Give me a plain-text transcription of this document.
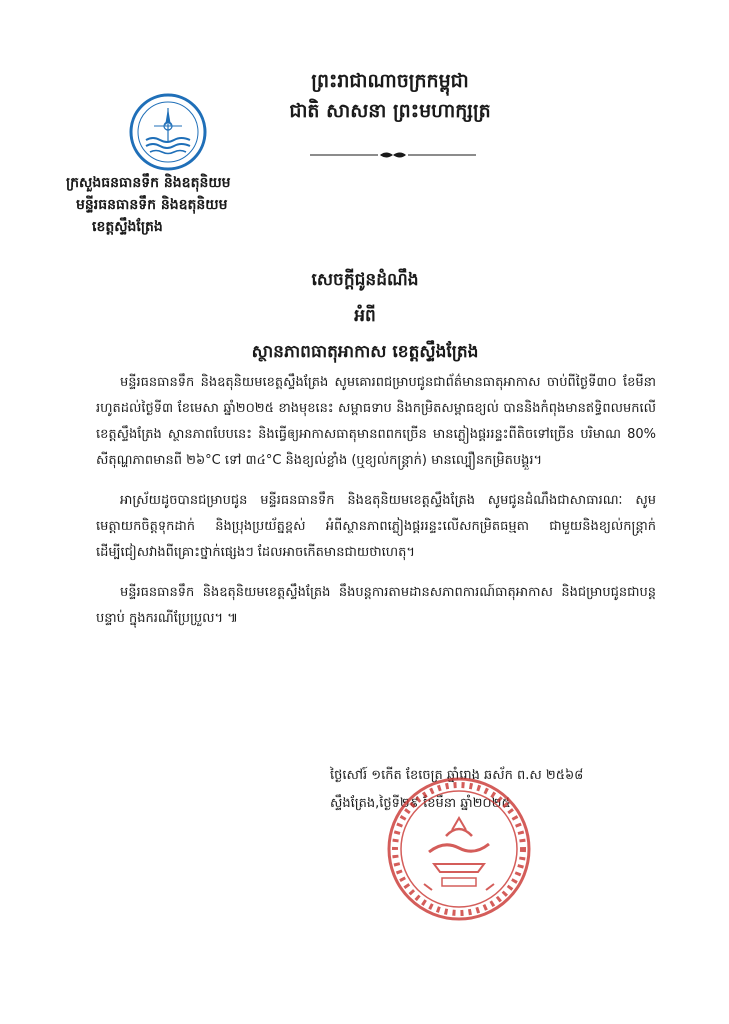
ព្រះរាជាណាចក្រកម្ពុជា
ជាតិ សាសនា ព្រះមហាក្សត្រ
ក្រសួងធនធានទឹក និងឧតុនិយម
មន្ទីរធនធានទឹក និងឧតុនិយម
ខេត្តស្ទឹងត្រែង
សេចក្ដីជូនដំណឹង
អំពី
ស្ថានភាពធាតុអាកាស ខេត្តស្ទឹងត្រែង

មន្ទីរធនធានទឹក និងឧតុនិយមខេត្តស្ទឹងត្រែង សូមគោរពជម្រាបជូនជាព័ត៌មានធាតុអាកាស ចាប់ពីថ្ងៃទី៣០ ខែមីនា រហូតដល់ថ្ងៃទី៣ ខែមេសា ឆ្នាំ២០២៥ ខាងមុខនេះ សម្ពាធទាប និងកម្រិតសម្ពាធខ្យល់ បាននិងកំពុងមានឥទ្ធិពលមកលើខេត្តស្ទឹងត្រែង ស្ថានភាពបែបនេះ និងធ្វើឲ្យអាកាសធាតុមានពពកច្រើន មានភ្លៀងផ្គររន្ទះពីតិចទៅច្រើន បរិមាណ 80% សីតុណ្ហភាពមានពី ២៦°C ទៅ ៣៤°C និងខ្យល់ខ្លាំង (ឬខ្យល់កន្ត្រាក់) មានល្បឿនកម្រិតបង្គួរ។

អាស្រ័យដូចបានជម្រាបជូន មន្ទីរធនធានទឹក និងឧតុនិយមខេត្តស្ទឹងត្រែង សូមជូនដំណឹងជាសាធារណៈ សូមមេត្តាយកចិត្តទុកដាក់ និងប្រុងប្រយ័ត្នខ្ពស់ អំពីស្ថានភាពភ្លៀងផ្គររន្ទះលើសកម្រិតធម្មតា ជាមួយនិងខ្យល់កន្ត្រាក់ ដើម្បីជៀសវាងពីគ្រោះថ្នាក់ផ្សេងៗ ដែលអាចកើតមានជាយថាហេតុ។

មន្ទីរធនធានទឹក និងឧតុនិយមខេត្តស្ទឹងត្រែង នឹងបន្តការតាមដានសភាពការណ៍ធាតុអាកាស និងជម្រាបជូនជាបន្តបន្ទាប់ ក្នុងករណីប្រែប្រួល។ ៕

ថ្ងៃសៅរ៍ ១កើត ខែចេត្រ ឆ្នាំរោង ឆស័ក ព.ស ២៥៦៨
ស្ទឹងត្រែង,ថ្ងៃទី២៩ ខែមីនា ឆ្នាំ២០២៥
